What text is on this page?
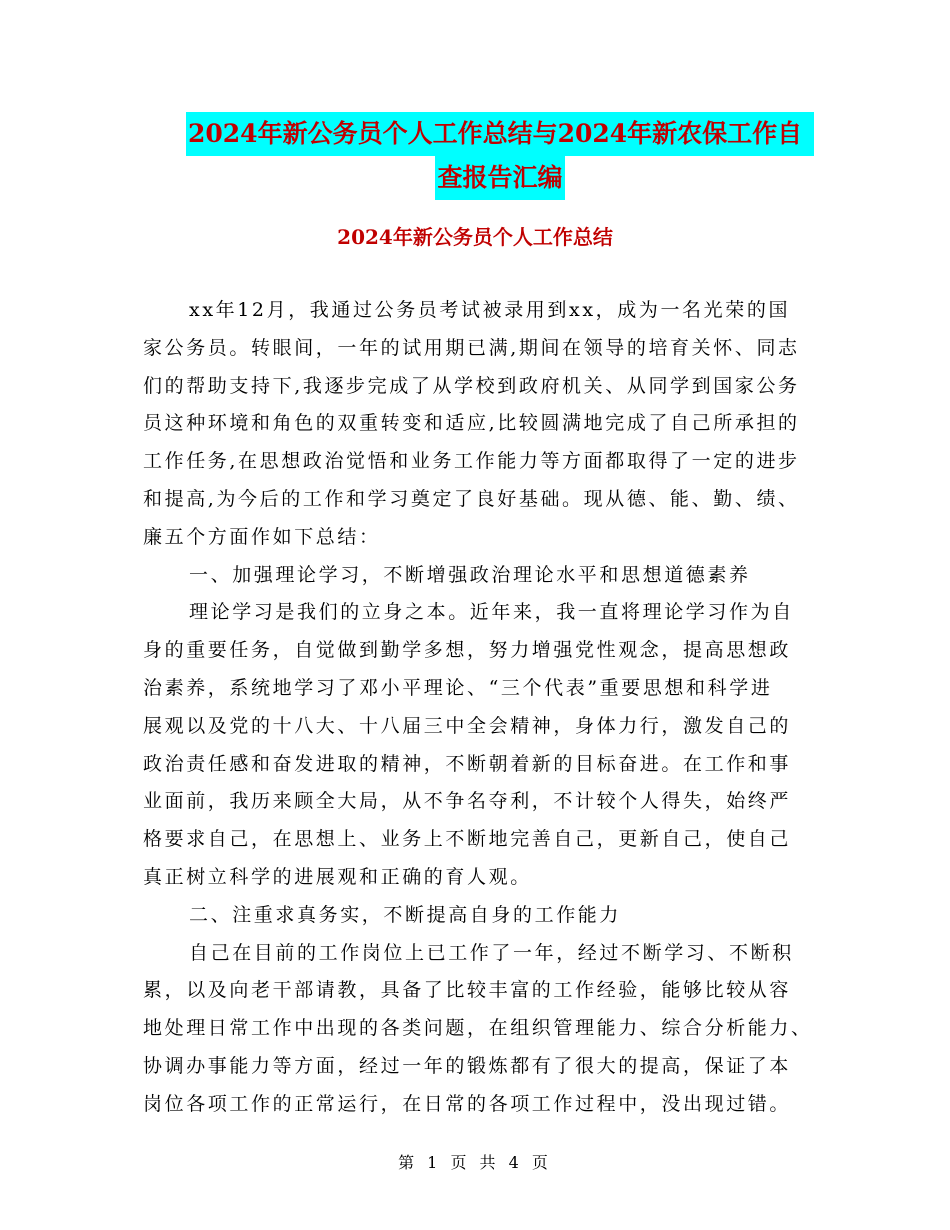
2024年新公务员个人工作总结与2024年新农保工作自
查报告汇编
2024年新公务员个人工作总结
xx年12月，我通过公务员考试被录用到xx，成为一名光荣的国
家公务员。转眼间，一年的试用期已满,期间在领导的培育关怀、同志
们的帮助支持下,我逐步完成了从学校到政府机关、从同学到国家公务
员这种环境和角色的双重转变和适应,比较圆满地完成了自己所承担的
工作任务,在思想政治觉悟和业务工作能力等方面都取得了一定的进步
和提高,为今后的工作和学习奠定了良好基础。现从德、能、勤、绩、
廉五个方面作如下总结：
一、加强理论学习，不断增强政治理论水平和思想道德素养
理论学习是我们的立身之本。近年来，我一直将理论学习作为自
身的重要任务，自觉做到勤学多想，努力增强党性观念，提高思想政
治素养，系统地学习了邓小平理论、“三个代表”重要思想和科学进
展观以及党的十八大、十八届三中全会精神，身体力行，激发自己的
政治责任感和奋发进取的精神，不断朝着新的目标奋进。在工作和事
业面前，我历来顾全大局，从不争名夺利，不计较个人得失，始终严
格要求自己，在思想上、业务上不断地完善自己，更新自己，使自己
真正树立科学的进展观和正确的育人观。
二、注重求真务实，不断提高自身的工作能力
自己在目前的工作岗位上已工作了一年，经过不断学习、不断积
累，以及向老干部请教，具备了比较丰富的工作经验，能够比较从容
地处理日常工作中出现的各类问题，在组织管理能力、综合分析能力、
协调办事能力等方面，经过一年的锻炼都有了很大的提高，保证了本
岗位各项工作的正常运行，在日常的各项工作过程中，没出现过错。
第 1 页 共 4 页
